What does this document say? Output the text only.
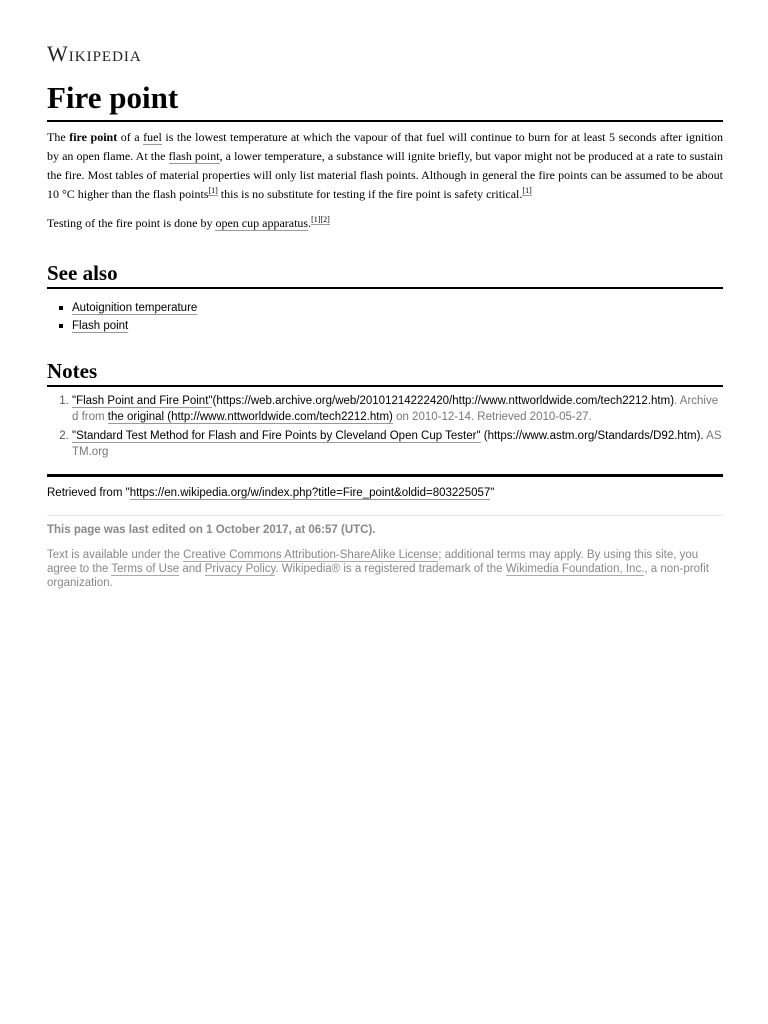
Wikipedia
Fire point

The fire point of a fuel is the lowest temperature at which the vapour of that fuel will continue to burn for at least 5 seconds after ignition by an open flame. At the flash point, a lower temperature, a substance will ignite briefly, but vapor might not be produced at a rate to sustain the fire. Most tables of material properties will only list material flash points. Although in general the fire points can be assumed to be about 10 °C higher than the flash points[1] this is no substitute for testing if the fire point is safety critical.[1]

Testing of the fire point is done by open cup apparatus.[1][2]

See also
Autoignition temperature
Flash point
Notes
1. "Flash Point and Fire Point"(https://web.archive.org/web/20101214222420/http://www.nttworldwide.com/tech2212.htm). Archived from the original (http://www.nttworldwide.com/tech2212.htm) on 2010-12-14. Retrieved 2010-05-27.
2. "Standard Test Method for Flash and Fire Points by Cleveland Open Cup Tester" (https://www.astm.org/Standards/D92.htm). ASTM.org
Retrieved from "https://en.wikipedia.org/w/index.php?title=Fire_point&oldid=803225057"
This page was last edited on 1 October 2017, at 06:57 (UTC).
Text is available under the Creative Commons Attribution-ShareAlike License; additional terms may apply. By using this site, you agree to the Terms of Use and Privacy Policy. Wikipedia® is a registered trademark of the Wikimedia Foundation, Inc., a non-profit organization.
